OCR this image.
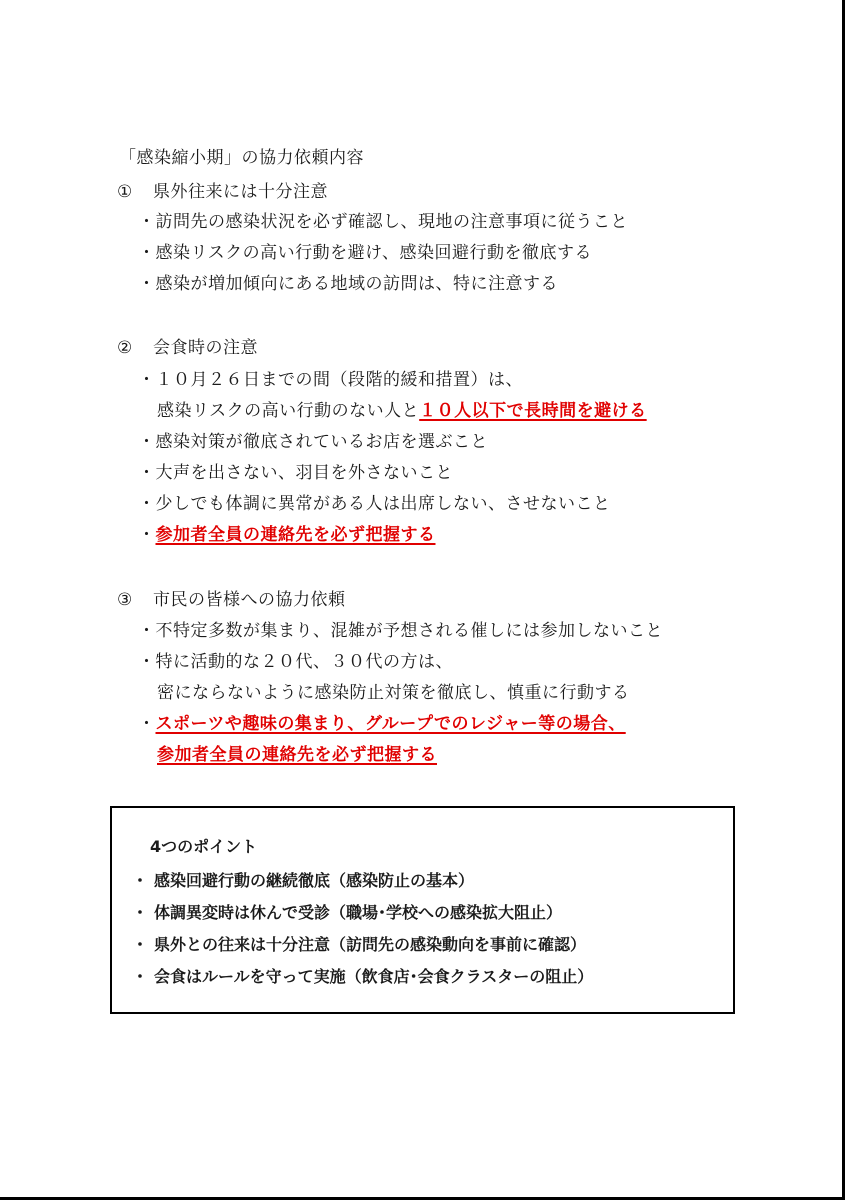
「感染縮小期」の協力依頼内容
① 県外往来には十分注意
・訪問先の感染状況を必ず確認し、現地の注意事項に従うこと
・感染リスクの高い行動を避け、感染回避行動を徹底する
・感染が増加傾向にある地域の訪問は、特に注意する
② 会食時の注意
・１０月２６日までの間（段階的緩和措置）は、
感染リスクの高い行動のない人と１０人以下で長時間を避ける
・感染対策が徹底されているお店を選ぶこと
・大声を出さない、羽目を外さないこと
・少しでも体調に異常がある人は出席しない、させないこと
・参加者全員の連絡先を必ず把握する
③ 市民の皆様への協力依頼
・不特定多数が集まり、混雑が予想される催しには参加しないこと
・特に活動的な２０代、３０代の方は、
密にならないように感染防止対策を徹底し、慎重に行動する
・スポーツや趣味の集まり、グループでのレジャー等の場合、
参加者全員の連絡先を必ず把握する
4つのポイント
・ 感染回避行動の継続徹底（感染防止の基本）
・ 体調異変時は休んで受診（職場･学校への感染拡大阻止）
・ 県外との往来は十分注意（訪問先の感染動向を事前に確認）
・ 会食はルールを守って実施（飲食店･会食クラスターの阻止）
